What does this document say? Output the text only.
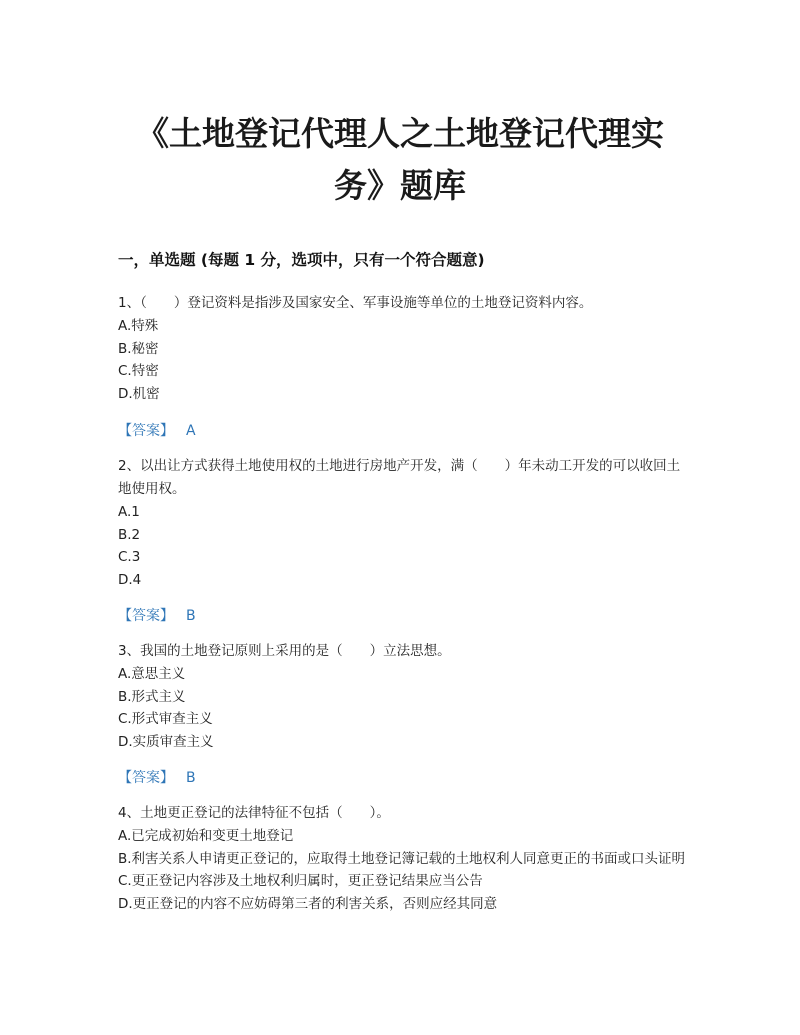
《土地登记代理人之土地登记代理实
务》题库
一，单选题 (每题 1 分，选项中，只有一个符合题意)

1、（　　）登记资料是指涉及国家安全、军事设施等单位的土地登记资料内容。

A.特殊
B.秘密
C.特密
D.机密
【答案】 A

2、以出让方式获得土地使用权的土地进行房地产开发，满（　　）年未动工开发的可以收回土地使用权。

A.1
B.2
C.3
D.4
【答案】 B

3、我国的土地登记原则上采用的是（　　）立法思想。

A.意思主义
B.形式主义
C.形式审查主义
D.实质审查主义
【答案】 B

4、土地更正登记的法律特征不包括（　　）。

A.已完成初始和变更土地登记
B.利害关系人申请更正登记的，应取得土地登记簿记载的土地权利人同意更正的书面或口头证明
C.更正登记内容涉及土地权利归属时，更正登记结果应当公告
D.更正登记的内容不应妨碍第三者的利害关系，否则应经其同意
